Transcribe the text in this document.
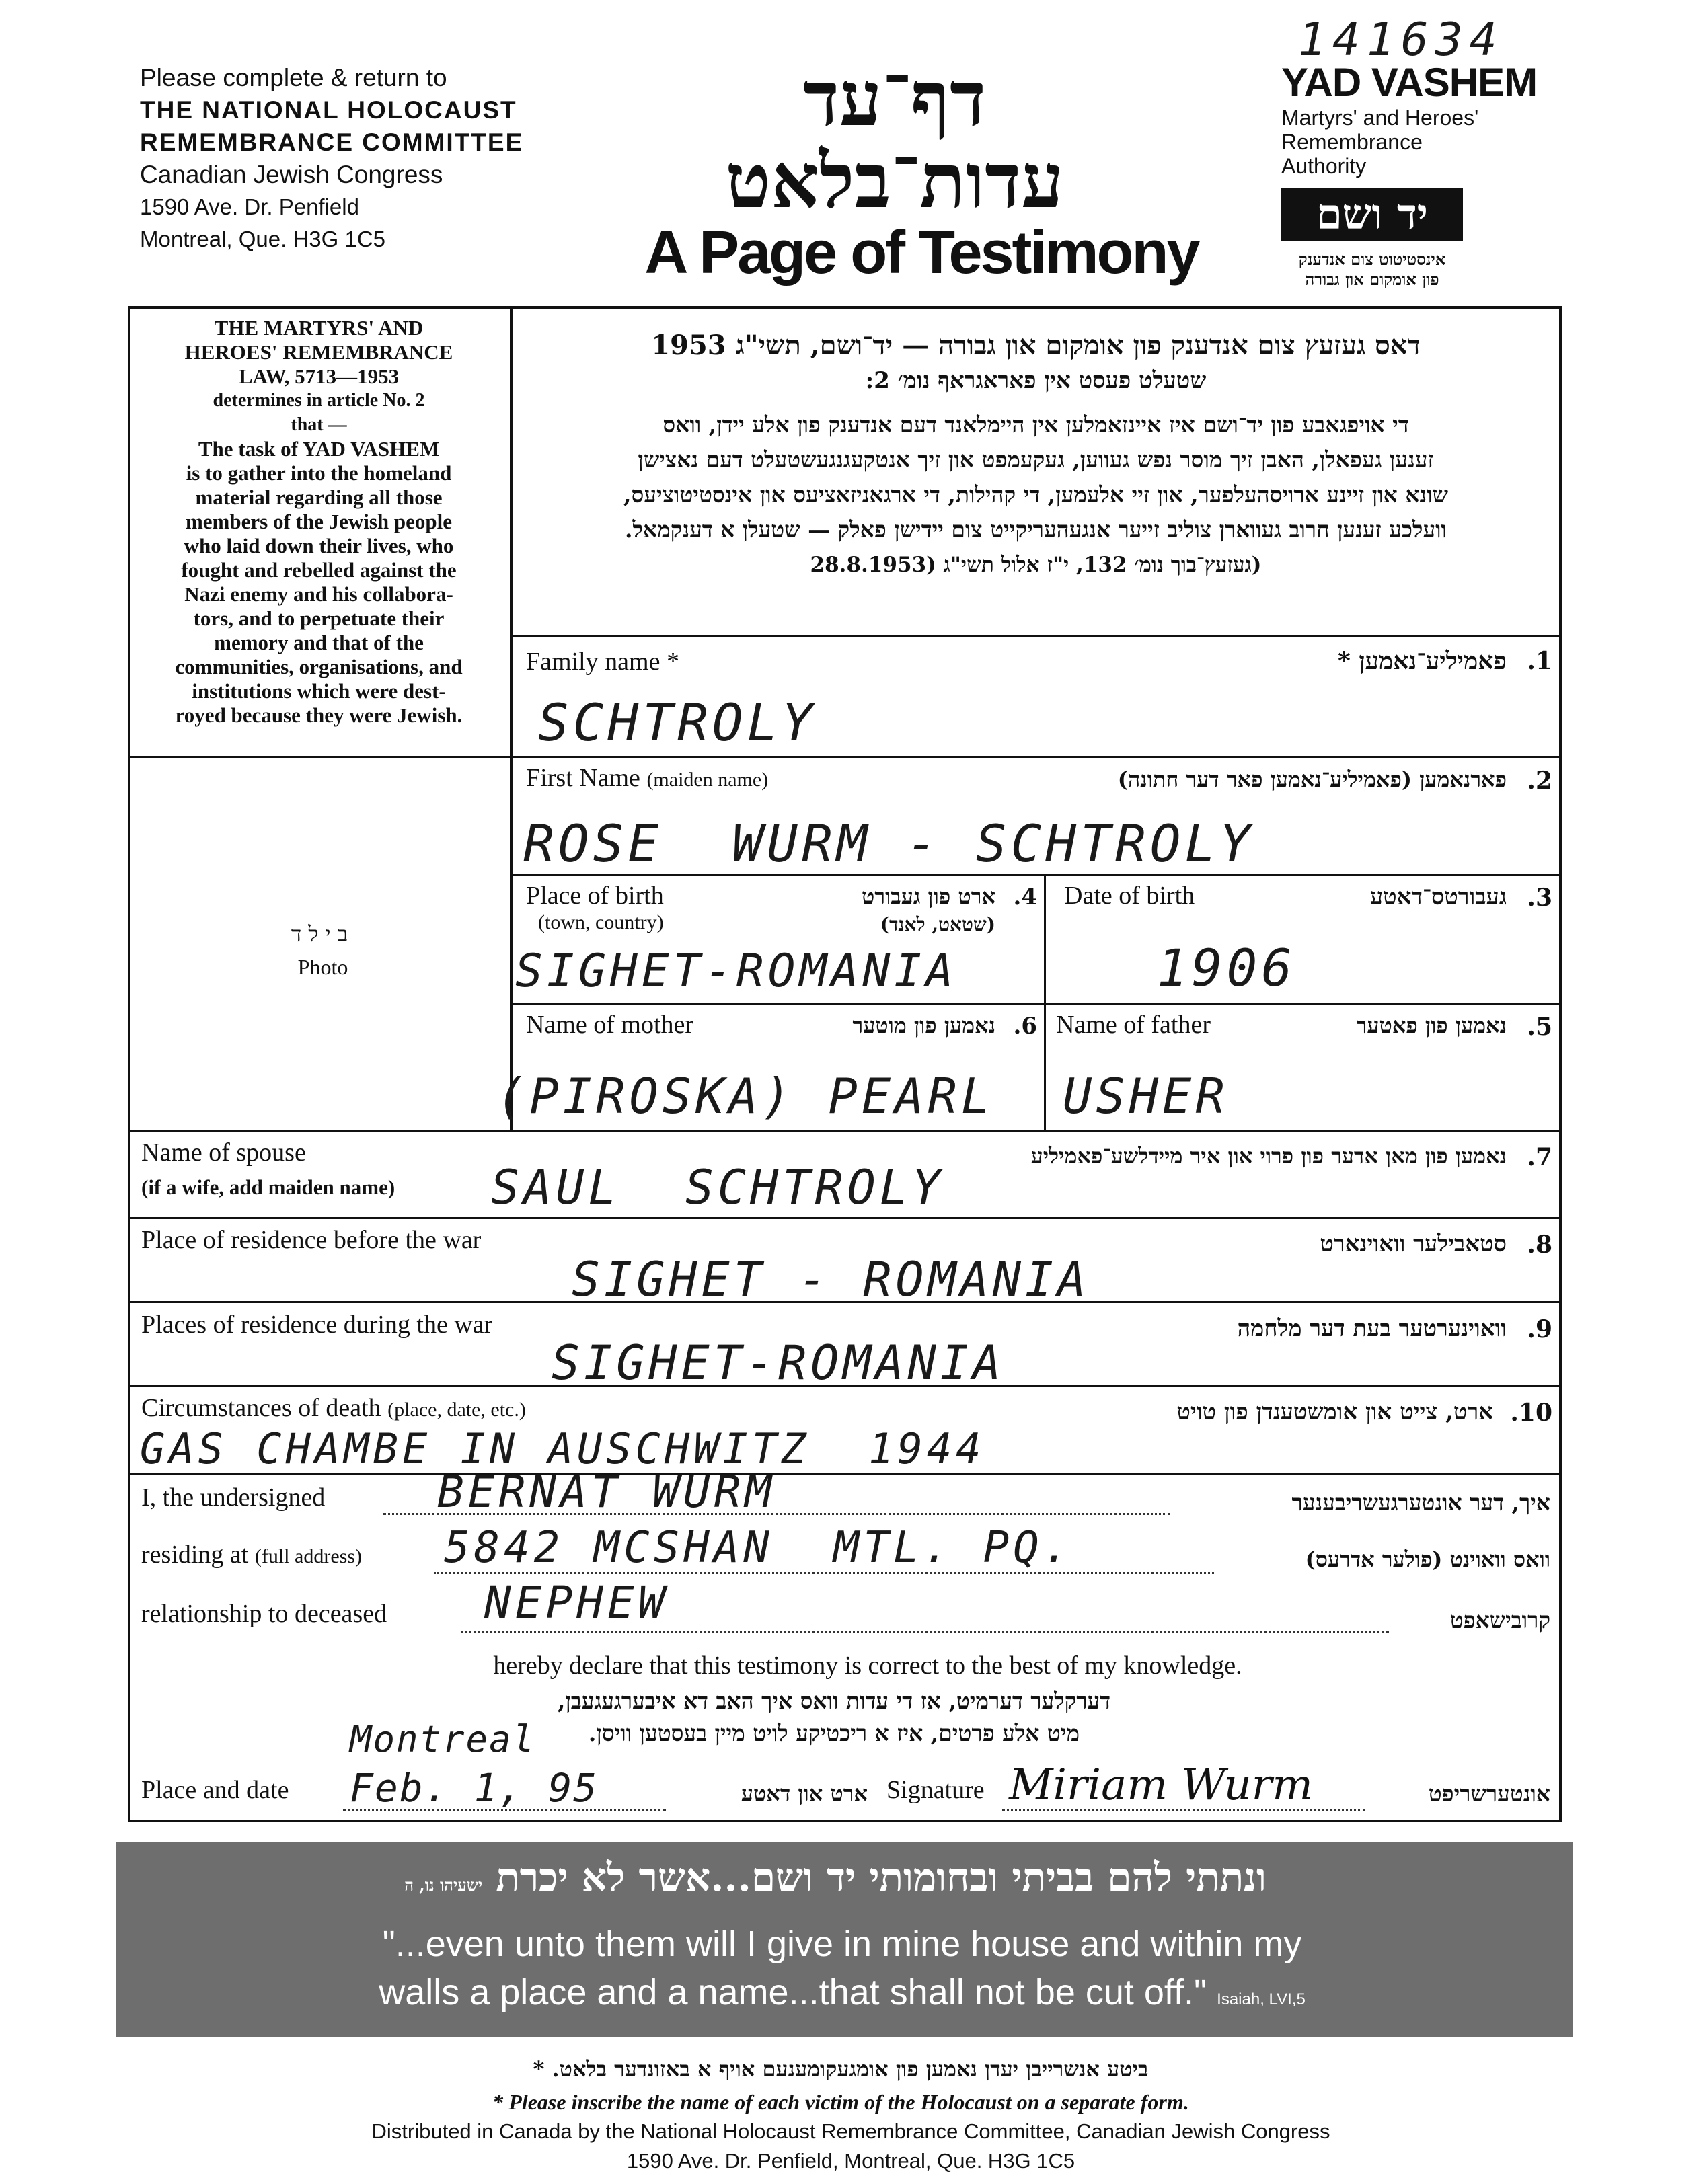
141634
Please complete & return to
THE NATIONAL HOLOCAUST
REMEMBRANCE COMMITTEE
Canadian Jewish Congress
1590 Ave. Dr. Penfield
Montreal, Que. H3G 1C5
דף־עד
עדות־בלאט
A Page of Testimony
YAD VASHEM
Martyrs' and Heroes'
Remembrance
Authority
יד ושם
אינסטיטוט צום אנדענק
פון אומקום און גבורה
THE MARTYRS' AND
HEROES' REMEMBRANCE
LAW, 5713—1953
determines in article No. 2
that —
The task of YAD VASHEM
is to gather into the homeland
material regarding all those
members of the Jewish people
who laid down their lives, who
fought and rebelled against the
Nazi enemy and his collabora-
tors, and to perpetuate their
memory and that of the
communities, organisations, and
institutions which were dest-
royed because they were Jewish.
בילד
Photo
דאס געזעץ צום אנדענק פון אומקום און גבורה — יד־ושם, תשי"ג 1953
שטעלט פעסט אין פאראגראף נומ׳ 2:
די אויפגאבע פון יד־ושם איז איינזאמלען אין היימלאנד דעם אנדענק פון אלע יידן, וואס
זענען געפאלן, האבן זיך מוסר נפש געווען, געקעמפט און זיך אנטקעגנגעשטעלט דעם נאצישן
שונא און זיינע ארויסהעלפער, און זיי אלעמען, די קהילות, די ארגאניזאציעס און אינסטיטוציעס,
וועלכע זענען חרוב געווארן צוליב זייער אנגעהעריקייט צום יידישן פאלק — שטעלן א דענקמאל.
(געזעץ־בוך נומ׳ 132, י"ז אלול תשי"ג (28.8.1953
Family name *	פאמיליע־נאמען * .1
SCHTROLY
First Name (maiden name)	פארנאמען (פאמיליע־נאמען פאר דער חתונה) .2
ROSE  WURM - SCHTROLY
Place of birth
(town, country)
ארט פון געבורט
(שטאט, לאנד)
.4
SIGHET-ROMANIA
Date of birth	געבורטס־דאטע .3
1906
Name of mother	נאמען פון מוטער .6
(PIROSKA) PEARL
Name of father	נאמען פון פאטער .5
USHER
Name of spouse
(if a wife, add maiden name)
נאמען פון מאן אדער פון פרוי און איר מיידלשע־פאמיליע .7
SAUL  SCHTROLY
Place of residence before the war	סטאבילער וואוינארט .8
SIGHET - ROMANIA
Places of residence during the war	וואוינערטער בעת דער מלחמה .9
SIGHET-ROMANIA
Circumstances of death (place, date, etc.)	ארט, צייט און אומשטענדן פון טויט .10
GAS CHAMBE IN AUSCHWITZ  1944
I, the undersigned	BERNAT WURM	איך, דער אונטערגעשריבענער
residing at (full address) 5842 MCSHAN  MTL. PQ.	וואס וואוינט (פולער אדרעס)
relationship to deceased NEPHEW	קרובישאפט
hereby declare that this testimony is correct to the best of my knowledge.
דערקלער דערמיט, אז די עדות וואס איך האב דא איבערגעגעבן,
מיט אלע פרטים, איז א ריכטיקע לויט מיין בעסטען וויסן.
Montreal
Place and date Feb. 1, 95	ארט און דאטע Signature Miriam Wurm	אונטערשריפט
ונתתי להם בביתי ובחומותי יד ושם...אשר לא יכרת ישעיהו נו, ה
"...even unto them will I give in mine house and within my
walls a place and a name...that shall not be cut off." Isaiah, LVI,5
ביטע אנשרייבן יעדן נאמען פון אומגעקומענעם אויף א באזונדער בלאט. *
* Please inscribe the name of each victim of the Holocaust on a separate form.
Distributed in Canada by the National Holocaust Remembrance Committee, Canadian Jewish Congress
1590 Ave. Dr. Penfield, Montreal, Que. H3G 1C5
